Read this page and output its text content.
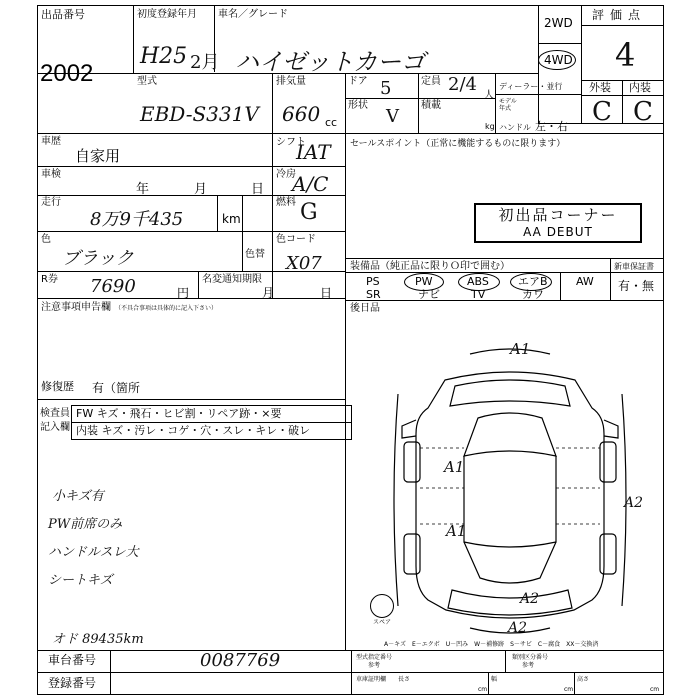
出品番号
2002
初度登録年月 車名／グレード
H25 2月 ハイゼットカーゴ
2WD
4WD
評価点
4
外装 内装
C C
型式
EBD-S331V
排気量
660 cc
ドア 5	定員 2/4
人
形状
V
積載
kg
ディーラー・並行
モデル年式
ハンドル 左・右
車歴
自家用
シフト
IAT
車検
年	月	日
冷房
A/C
走行
8万9千435	km
燃料 G
色
ブラック	色替
色コード
X07
R券 7690	円
名変通知期限
月	日
注意事項申告欄 （不具合事項は具体的に記入下さい）
修復歴 有（箇所
検査員
記入欄
FW キズ・飛石・ヒビ割・リペア跡・×要
内装 キズ・汚レ・コゲ・穴・スレ・キレ・破レ
小キズ有
PW前席のみ
ハンドルスレ大
シートキズ
オド 89435km
セールスポイント（正常に機能するものに限ります）
初出品コーナー
AA DEBUT
装備品（純正品に限りＯ印で囲む）	新車保証書
PS	PW	ABS	エアB
SR	ナビ	TV	カワ
AW 有・無
後日品
A1
A1
A1
A2
A2
A2
スペア
A－キズ　E－エクボ　U－凹み　W－補修跡　S－サビ　C－腐食　XX－交換済
車台番号	0087769
登録番号
型式指定番号
参考
類別区分番号
参考
車庫証明欄 長さ
cm
幅
cm
高さ
cm
